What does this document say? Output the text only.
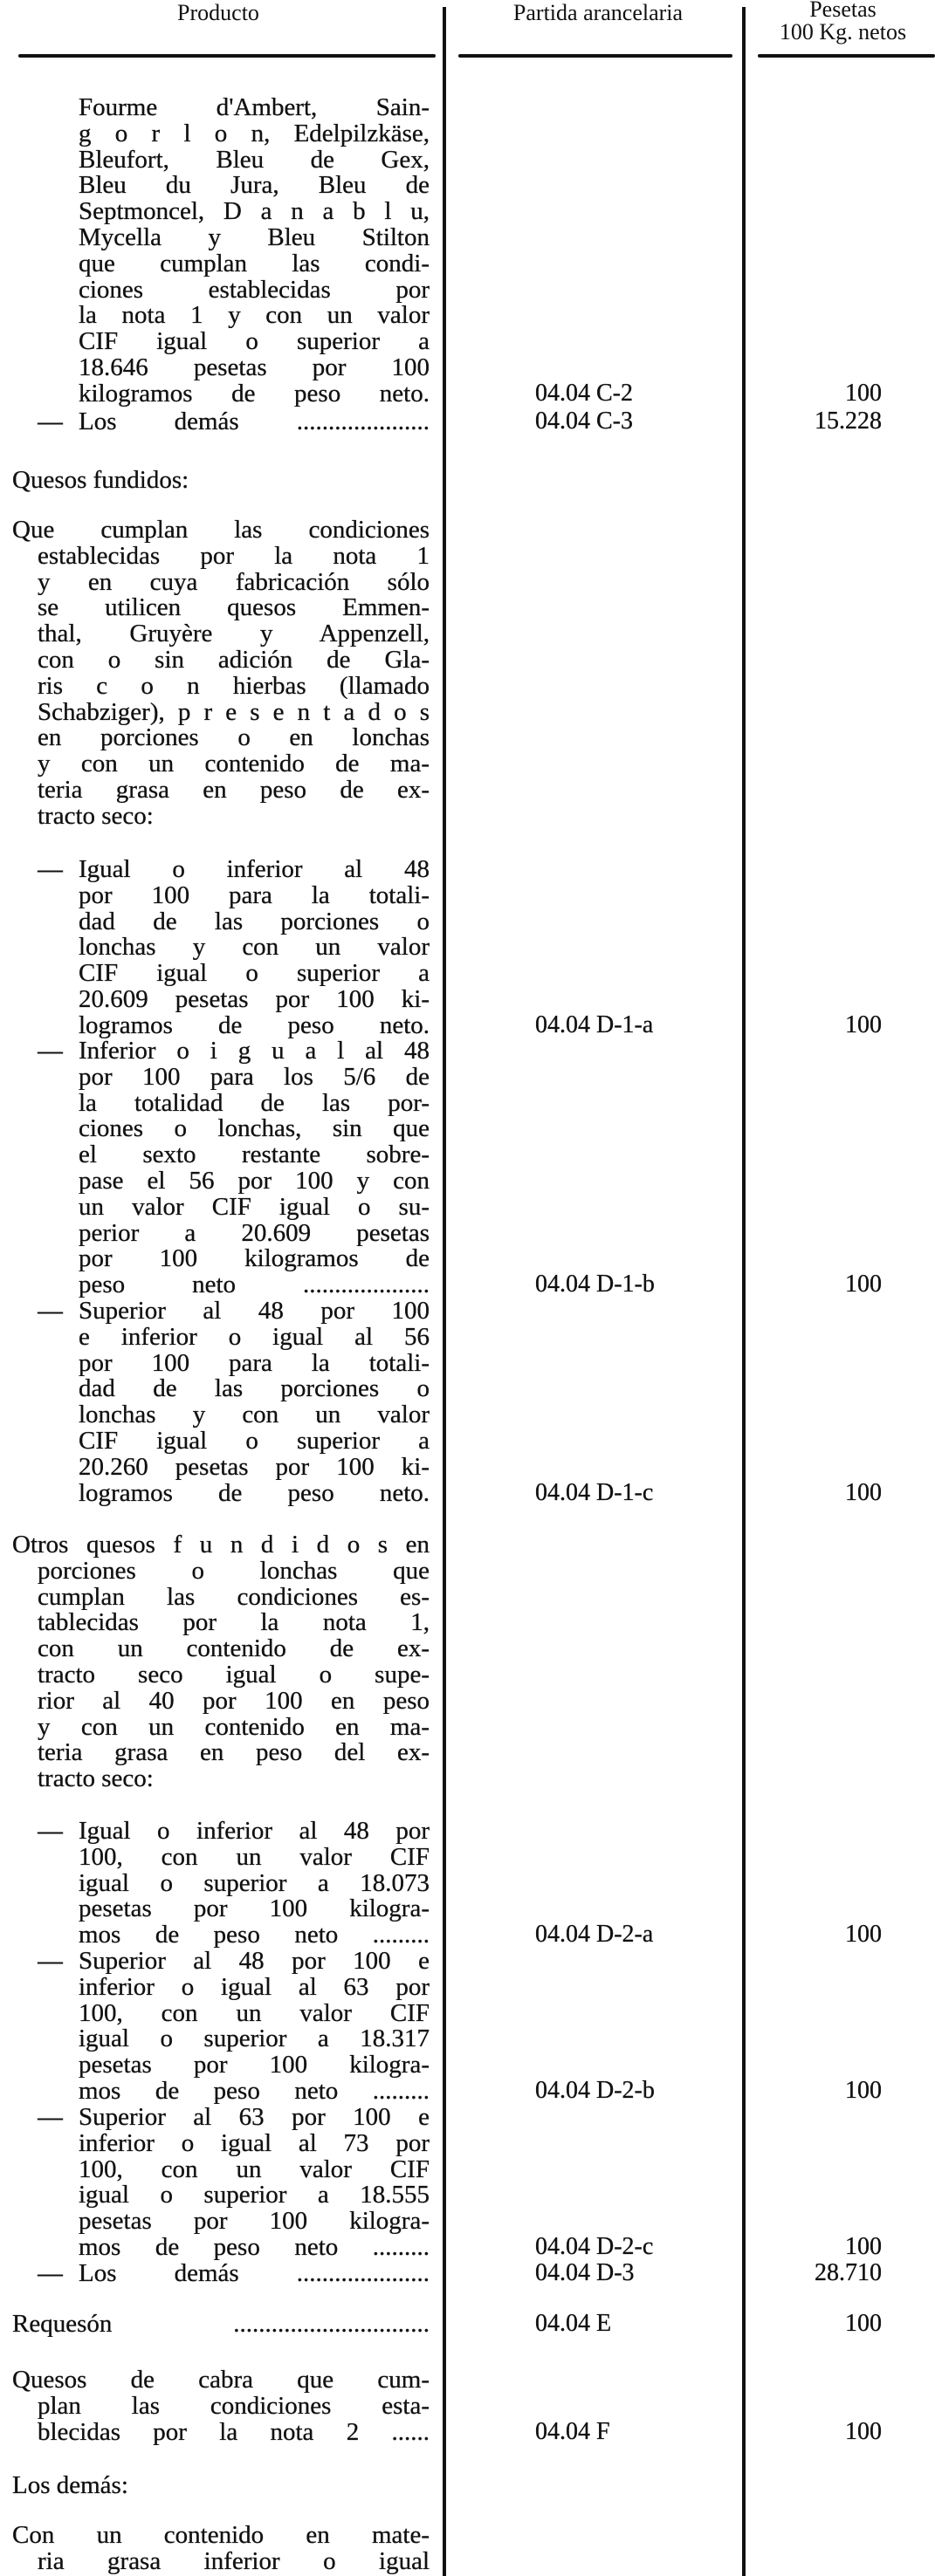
Producto	Partida arancelaria	Pesetas
100 Kg. netos
Fourme d'Ambert, Sain-
g o r l o n, Edelpilzkäse,
Bleufort, Bleu de Gex,
Bleu du Jura, Bleu de
Septmoncel, D a n a b l u,
Mycella y Bleu Stilton
que cumplan las condi-
ciones establecidas por
la nota 1 y con un valor
CIF igual o superior a
18.646 pesetas por 100
kilogramos de peso neto.	04.04 C-2	100
Los demás .....................
—	04.04 C-3	15.228
Quesos fundidos:
Que cumplan las condiciones
establecidas por la nota 1
y en cuya fabricación sólo
se utilicen quesos Emmen-
thal, Gruyère y Appenzell,
con o sin adición de Gla-
ris c o n hierbas (llamado
Schabziger), p r e s e n t a d o s
en porciones o en lonchas
y con un contenido de ma-
teria grasa en peso de ex-
tracto seco:
Igual o inferior al 48
—
por 100 para la totali-
dad de las porciones o
lonchas y con un valor
CIF igual o superior a
20.609 pesetas por 100 ki-
logramos de peso neto.	04.04 D-1-a	100
Inferior o i g u a l al 48
—
por 100 para los 5/6 de
la totalidad de las por-
ciones o lonchas, sin que
el sexto restante sobre-
pase el 56 por 100 y con
un valor CIF igual o su-
perior a 20.609 pesetas
por 100 kilogramos de
peso neto ....................	04.04 D-1-b	100
Superior al 48 por 100
—
e inferior o igual al 56
por 100 para la totali-
dad de las porciones o
lonchas y con un valor
CIF igual o superior a
20.260 pesetas por 100 ki-
logramos de peso neto.	04.04 D-1-c	100
Otros quesos f u n d i d o s en
porciones o lonchas que
cumplan las condiciones es-
tablecidas por la nota 1,
con un contenido de ex-
tracto seco igual o supe-
rior al 40 por 100 en peso
y con un contenido en ma-
teria grasa en peso del ex-
tracto seco:
Igual o inferior al 48 por
—
100, con un valor CIF
igual o superior a 18.073
pesetas por 100 kilogra-
mos de peso neto .........	04.04 D-2-a	100
Superior al 48 por 100 e
—
inferior o igual al 63 por
100, con un valor CIF
igual o superior a 18.317
pesetas por 100 kilogra-
mos de peso neto .........	04.04 D-2-b	100
Superior al 63 por 100 e
—
inferior o igual al 73 por
100, con un valor CIF
igual o superior a 18.555
pesetas por 100 kilogra-
mos de peso neto .........	04.04 D-2-c	100
Los demás .....................
—	04.04 D-3	28.710
Requesón ...............................	04.04 E	100
Quesos de cabra que cum-
plan las condiciones esta-
blecidas por la nota 2 ......	04.04 F	100
Los demás:
Con un contenido en mate-
ria grasa inferior o igual
